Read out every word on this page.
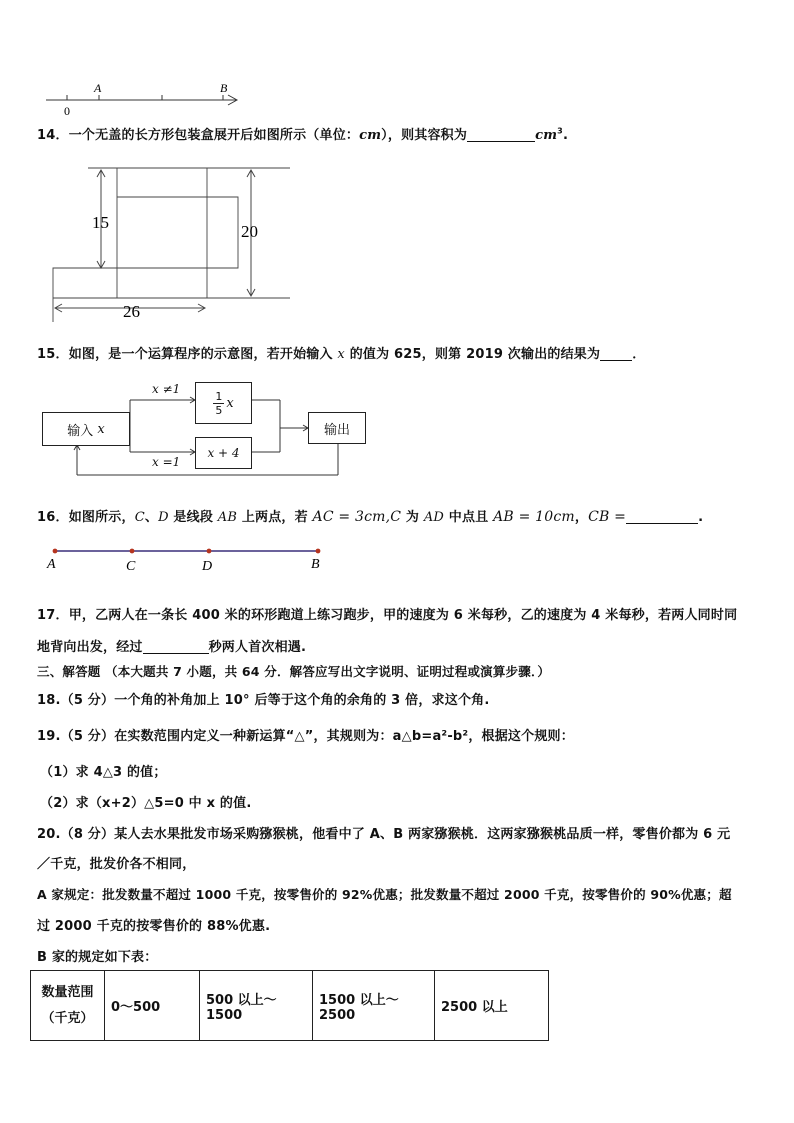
0
A	B
14．一个无盖的长方形包装盒展开后如图所示（单位：cm），则其容积为	$cm^3$.
15	20
26
15．如图，是一个运算程序的示意图，若开始输入 x 的值为 625，则第 2019 次输出的结果为 ．
输入
x
x ≠1
x =1
1
5 x
x + 4
输出
16．如图所示，C、D 是线段 AB 上两点，若 AC = 3cm,C 为 AD 中点且 AB = 10cm，CB =	.
A	C	D	B
17．甲，乙两人在一条长 400 米的环形跑道上练习跑步，甲的速度为 6 米每秒，乙的速度为 4 米每秒，若两人同时同
地背向出发，经过	秒两人首次相遇.
三、解答题 （本大题共 7 小题，共 64 分．解答应写出文字说明、证明过程或演算步骤．）
18.（5 分）一个角的补角加上 10° 后等于这个角的余角的 3 倍，求这个角.
19.（5 分）在实数范围内定义一种新运算“△”，其规则为：a△b=a²-b²，根据这个规则：
（1）求 4△3 的值；
（2）求（x+2）△5=0 中 x 的值.
20.（8 分）某人去水果批发市场采购猕猴桃，他看中了 A、B 两家猕猴桃．这两家猕猴桃品质一样，零售价都为 6 元
／千克，批发价各不相同，
A 家规定：批发数量不超过 1000 千克，按零售价的 92%优惠；批发数量不超过 2000 千克，按零售价的 90%优惠；超
过 2000 千克的按零售价的 88%优惠.
B 家的规定如下表：
数量范围
（千克）
	0～500	500 以上～1500	1500 以上～2500	2500 以上
